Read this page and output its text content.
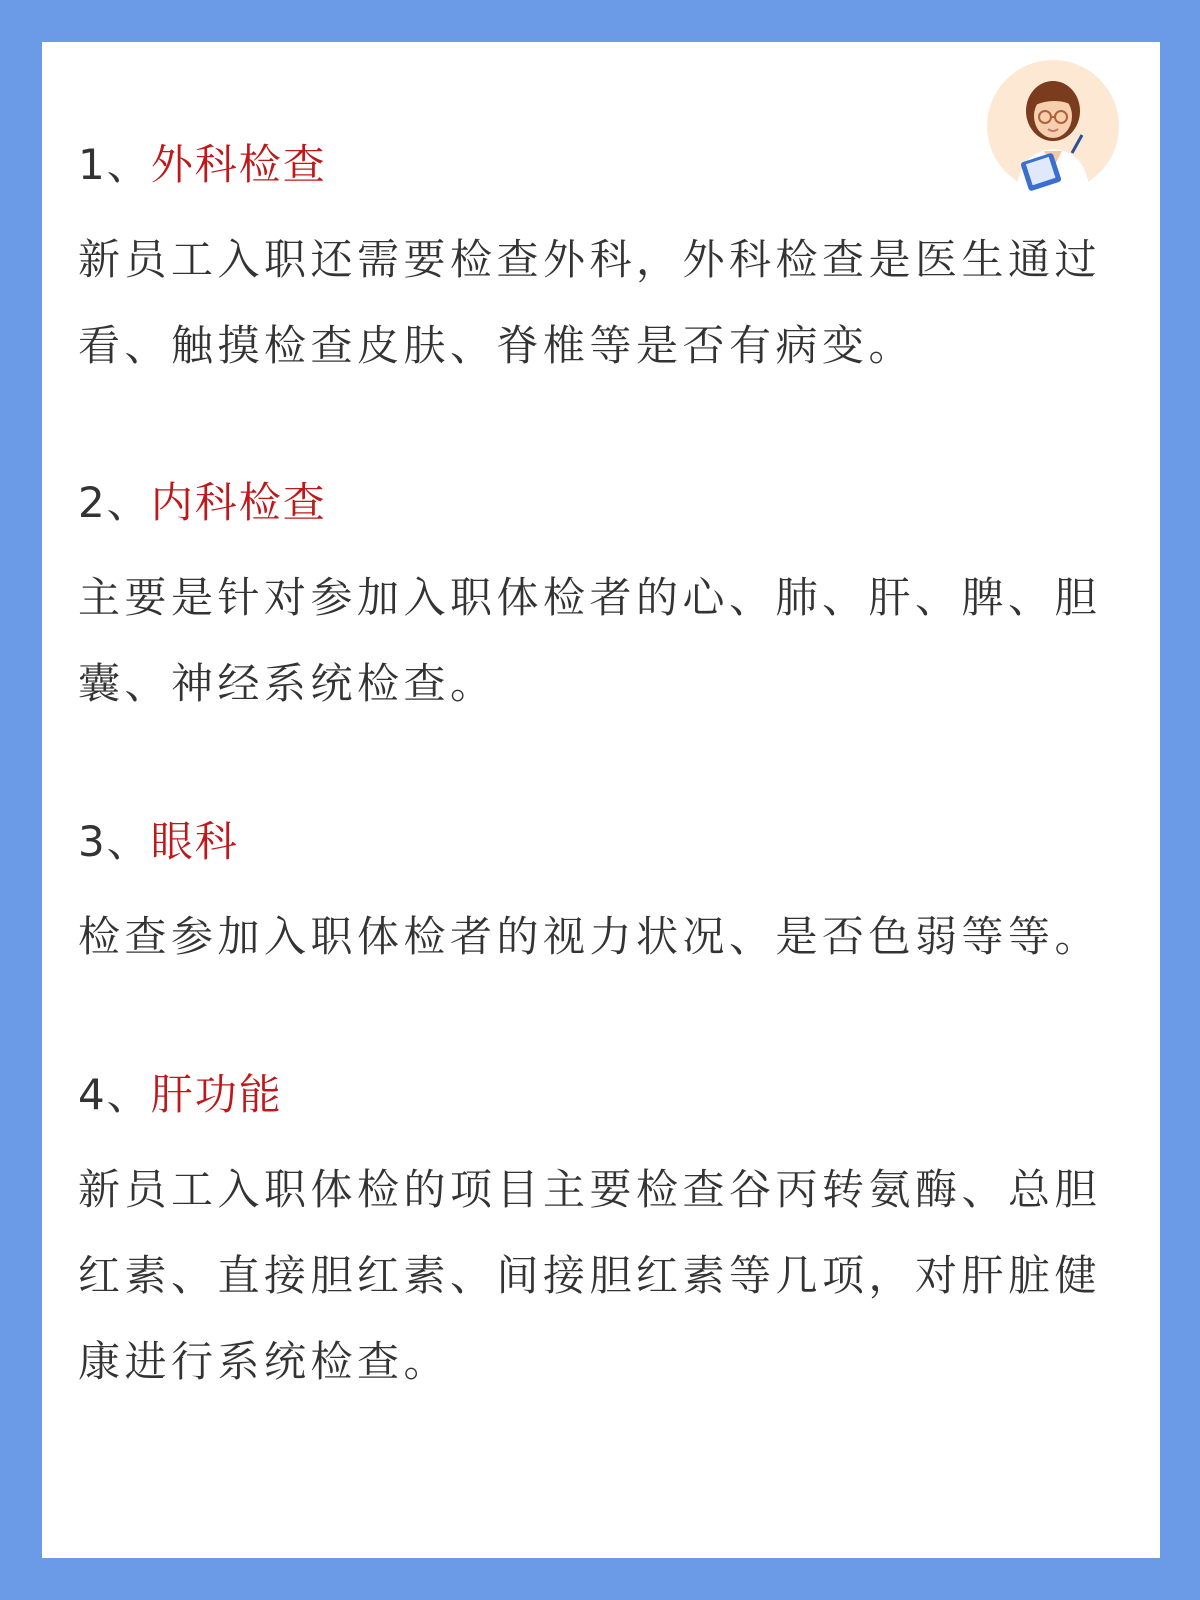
1、外科检查
新员工入职还需要检查外科，外科检查是医生通过
看、触摸检查皮肤、脊椎等是否有病变。
2、内科检查
主要是针对参加入职体检者的心、肺、肝、脾、胆
囊、神经系统检查。
3、眼科
检查参加入职体检者的视力状况、是否色弱等等。
4、肝功能
新员工入职体检的项目主要检查谷丙转氨酶、总胆
红素、直接胆红素、间接胆红素等几项，对肝脏健
康进行系统检查。
